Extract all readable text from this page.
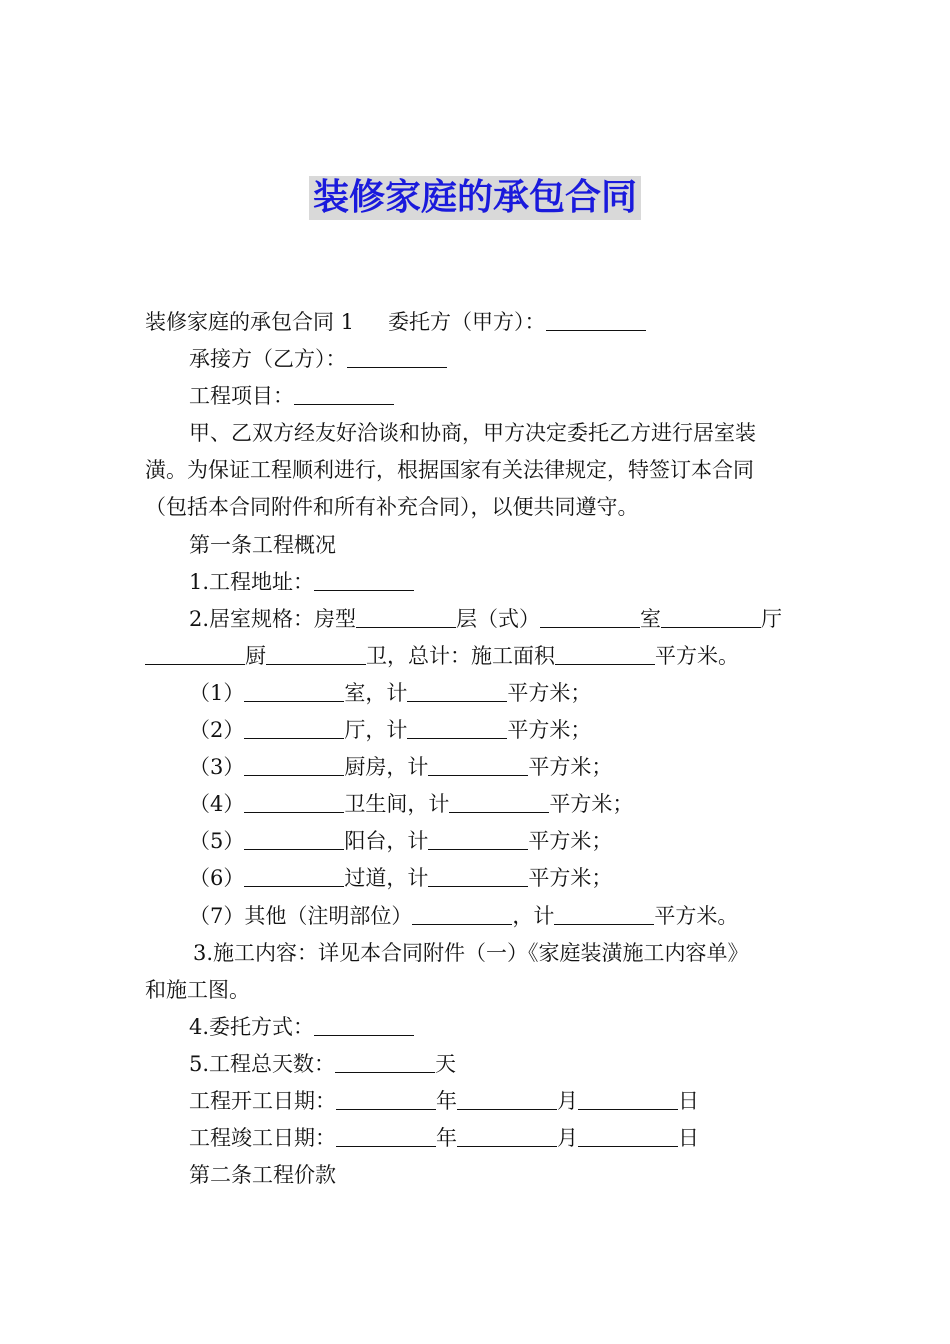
装修家庭的承包合同
装修家庭的承包合同 1 委托方（甲方）：
承接方（乙方）：
工程项目：
甲、乙双方经友好洽谈和协商，甲方决定委托乙方进行居室装
潢。为保证工程顺利进行，根据国家有关法律规定，特签订本合同
（包括本合同附件和所有补充合同），以便共同遵守。
第一条工程概况
1.工程地址：
2.居室规格：房型	层（式）	室	厅
厨	卫，总计：施工面积	平方米。
（1）	室，计	平方米；
（2）	厅，计	平方米；
（3）	厨房，计	平方米；
（4）	卫生间，计	平方米；
（5）	阳台，计	平方米；
（6）	过道，计	平方米；
（7）其他（注明部位）	，计	平方米。
3.施工内容：详见本合同附件（一）《家庭装潢施工内容单》
和施工图。
4.委托方式：
5.工程总天数：	天
工程开工日期：	年	月	日
工程竣工日期：	年	月	日
第二条工程价款
